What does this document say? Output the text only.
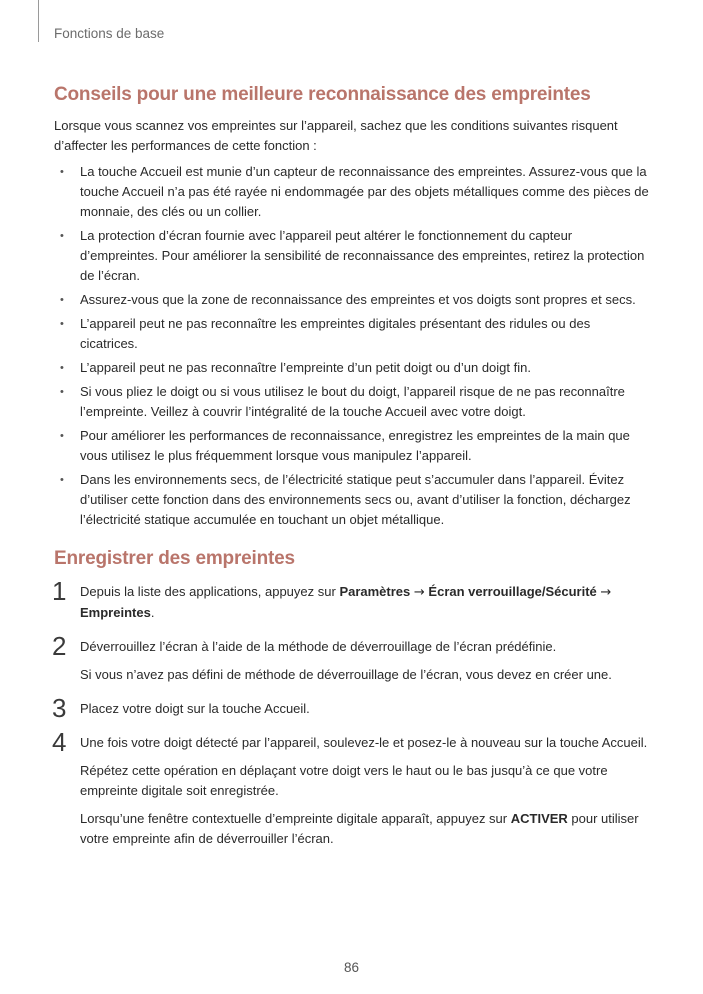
Fonctions de base
Conseils pour une meilleure reconnaissance des empreintes

Lorsque vous scannez vos empreintes sur l’appareil, sachez que les conditions suivantes risquent d’affecter les performances de cette fonction :

• La touche Accueil est munie d’un capteur de reconnaissance des empreintes. Assurez-vous que la touche Accueil n’a pas été rayée ni endommagée par des objets métalliques comme des pièces de monnaie, des clés ou un collier.
• La protection d’écran fournie avec l’appareil peut altérer le fonctionnement du capteur d’empreintes. Pour améliorer la sensibilité de reconnaissance des empreintes, retirez la protection de l’écran.
• Assurez-vous que la zone de reconnaissance des empreintes et vos doigts sont propres et secs.
• L’appareil peut ne pas reconnaître les empreintes digitales présentant des ridules ou des cicatrices.
• L’appareil peut ne pas reconnaître l’empreinte d’un petit doigt ou d’un doigt fin.
• Si vous pliez le doigt ou si vous utilisez le bout du doigt, l’appareil risque de ne pas reconnaître l’empreinte. Veillez à couvrir l’intégralité de la touche Accueil avec votre doigt.
• Pour améliorer les performances de reconnaissance, enregistrez les empreintes de la main que vous utilisez le plus fréquemment lorsque vous manipulez l’appareil.
• Dans les environnements secs, de l’électricité statique peut s’accumuler dans l’appareil. Évitez d’utiliser cette fonction dans des environnements secs ou, avant d’utiliser la fonction, déchargez l’électricité statique accumulée en touchant un objet métallique.
Enregistrer des empreintes
1 Depuis la liste des applications, appuyez sur Paramètres → Écran verrouillage/Sécurité → Empreintes.

2 Déverrouillez l’écran à l’aide de la méthode de déverrouillage de l’écran prédéfinie.

Si vous n’avez pas défini de méthode de déverrouillage de l’écran, vous devez en créer une.

3 Placez votre doigt sur la touche Accueil.

4 Une fois votre doigt détecté par l’appareil, soulevez-le et posez-le à nouveau sur la touche Accueil.

Répétez cette opération en déplaçant votre doigt vers le haut ou le bas jusqu’à ce que votre empreinte digitale soit enregistrée.

Lorsqu’une fenêtre contextuelle d’empreinte digitale apparaît, appuyez sur ACTIVER pour utiliser votre empreinte afin de déverrouiller l’écran.

86
